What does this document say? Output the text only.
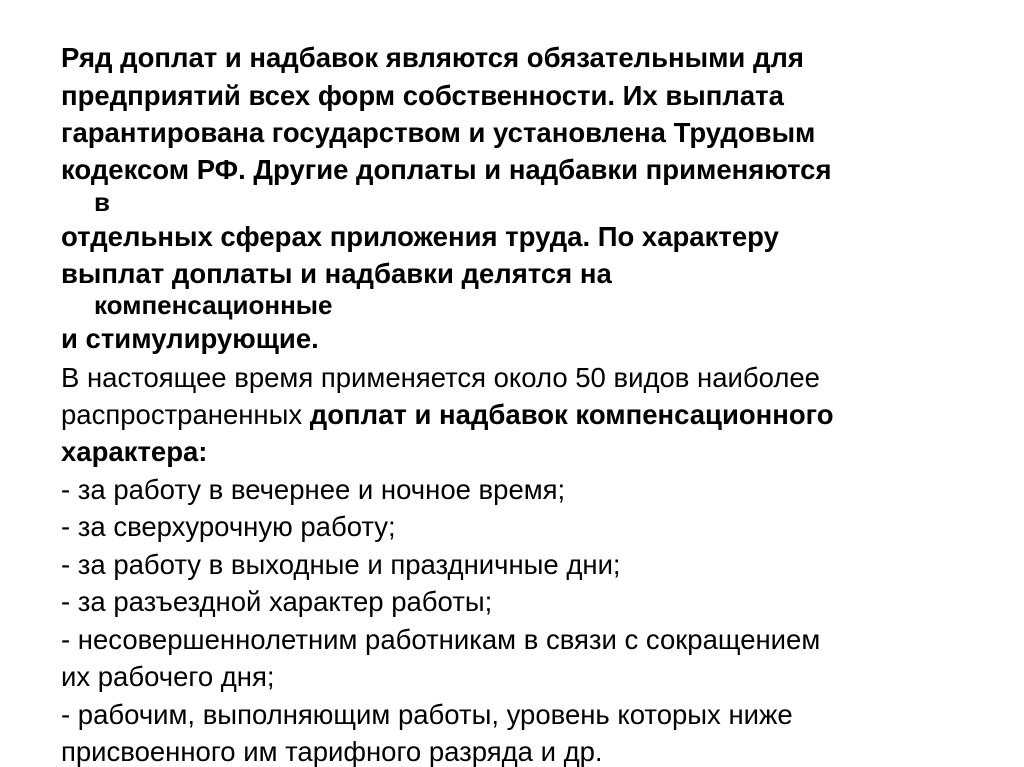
Ряд доплат и надбавок являются обязательными для
предприятий всех форм собственности. Их выплата
гарантирована государством и установлена Трудовым
кодексом РФ. Другие доплаты и надбавки применяются
в
отдельных сферах приложения труда. По характеру
выплат доплаты и надбавки делятся на
компенсационные
и стимулирующие.
В настоящее время применяется около 50 видов наиболее
распространенных доплат и надбавок компенсационного
характера:
- за работу в вечернее и ночное время;
- за сверхурочную работу;
- за работу в выходные и праздничные дни;
- за разъездной характер работы;
- несовершеннолетним работникам в связи с сокращением
их рабочего дня;
- рабочим, выполняющим работы, уровень которых ниже
присвоенного им тарифного разряда и др.
